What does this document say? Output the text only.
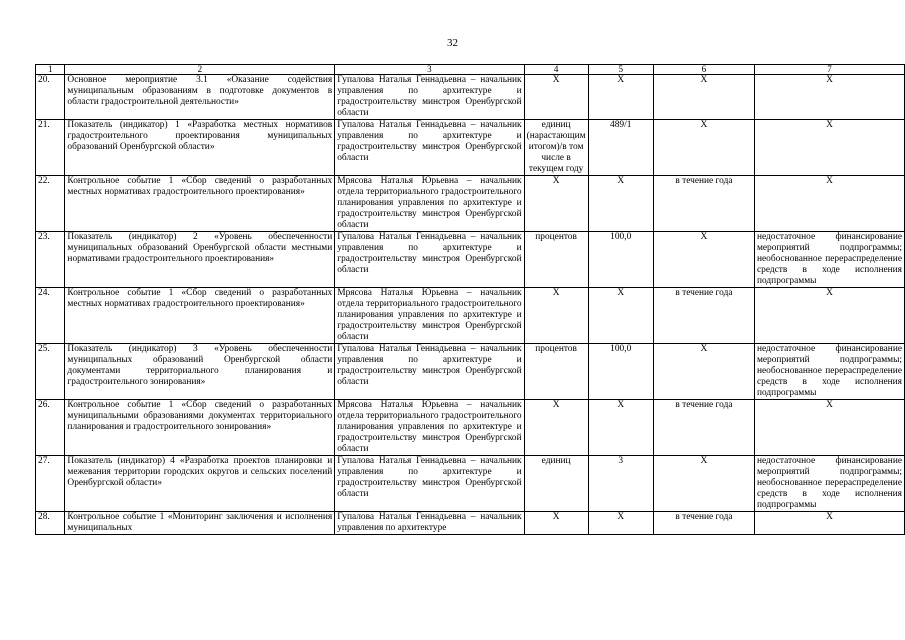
32
1	2	3	4	5	6	7
20.	Основное мероприятие 3.1 «Оказание содействия муниципальным образованиям в подготовке документов в области градостроительной деятельности»	Гупалова Наталья Геннадьевна – начальник управления по архитектуре и градостроительству минстроя Оренбургской области	Х	Х	Х	Х
21.	Показатель (индикатор) 1 «Разработка местных нормативов градостроительного проектирования муниципальных образований Оренбургской области»	Гупалова Наталья Геннадьевна – начальник управления по архитектуре и градостроительству минстроя Оренбургской области	единиц (нарастающим итогом)/в том числе в текущем году	489/1	Х	Х
22.	Контрольное событие 1 «Сбор сведений о разработанных местных нормативах градостроительного проектирования»	Мрясова Наталья Юрьевна – начальник отдела территориального градостроительного планирования управления по архитектуре и градостроительству минстроя Оренбургской области	Х	Х	в течение года	Х
23.	Показатель (индикатор) 2 «Уровень обеспеченности муниципальных образований Оренбургской области местными нормативами градостроительного проектирования»	Гупалова Наталья Геннадьевна – начальник управления по архитектуре и градостроительству минстроя Оренбургской области	процентов	100,0	Х	недостаточное финансирование мероприятий подпрограммы; необоснованное перераспределение средств в ходе исполнения подпрограммы
24.	Контрольное событие 1 «Сбор сведений о разработанных местных нормативах градостроительного проектирования»	Мрясова Наталья Юрьевна – начальник отдела территориального градостроительного планирования управления по архитектуре и градостроительству минстроя Оренбургской области	Х	Х	в течение года	Х
25.	Показатель (индикатор) 3 «Уровень обеспеченности муниципальных образований Оренбургской области документами территориального планирования и градостроительного зонирования»	Гупалова Наталья Геннадьевна – начальник управления по архитектуре и градостроительству минстроя Оренбургской области	процентов	100,0	Х	недостаточное финансирование мероприятий подпрограммы; необоснованное перераспределение средств в ходе исполнения подпрограммы
26.	Контрольное событие 1 «Сбор сведений о разработанных муниципальными образованиями документах территориального планирования и градостроительного зонирования»	Мрясова Наталья Юрьевна – начальник отдела территориального градостроительного планирования управления по архитектуре и градостроительству минстроя Оренбургской области	Х	Х	в течение года	Х
27.	Показатель (индикатор) 4 «Разработка проектов планировки и межевания территории городских округов и сельских поселений Оренбургской области»	Гупалова Наталья Геннадьевна – начальник управления по архитектуре и градостроительству минстроя Оренбургской области	единиц	3	Х	недостаточное финансирование мероприятий подпрограммы; необоснованное перераспределение средств в ходе исполнения подпрограммы
28.	Контрольное событие 1 «Мониторинг заключения и исполнения муниципальных	Гупалова Наталья Геннадьевна – начальник управления по архитектуре	Х	Х	в течение года	Х
